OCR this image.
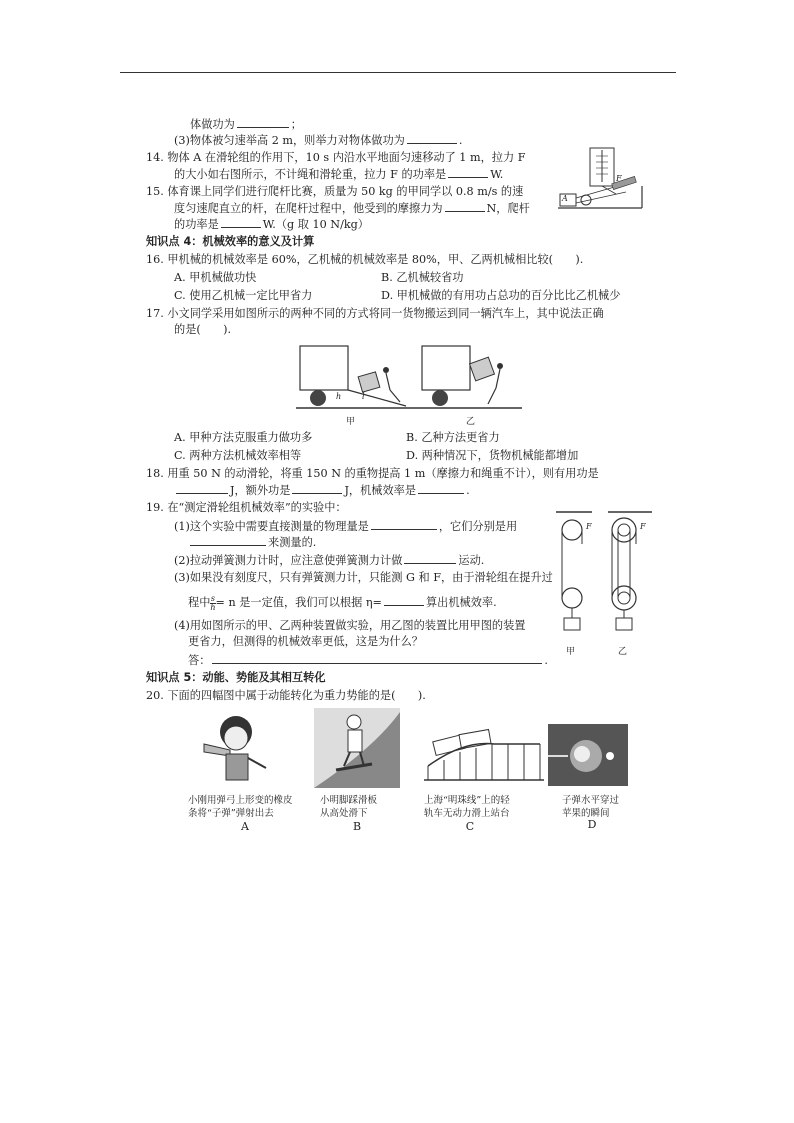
体做功为	；
(3)物体被匀速举高 2 m，则举力对物体做功为	.
14. 物体 A 在滑轮组的作用下，10 s 内沿水平地面匀速移动了 1 m，拉力 F
的大小如右图所示，不计绳和滑轮重，拉力 F 的功率是	W.
15. 体育课上同学们进行爬杆比赛，质量为 50 kg 的甲同学以 0.8 m/s 的速
度匀速爬直立的杆，在爬杆过程中，他受到的摩擦力为	N，爬杆
的功率是	W.（g 取 10 N/kg）
知识点 4：机械效率的意义及计算
16. 甲机械的机械效率是 60%，乙机械的机械效率是 80%，甲、乙两机械相比较(　　).
A. 甲机械做功快	B. 乙机械较省功
C. 使用乙机械一定比甲省力	D. 甲机械做的有用功占总功的百分比比乙机械少
17. 小文同学采用如图所示的两种不同的方式将同一货物搬运到同一辆汽车上，其中说法正确
的是(　　).
A. 甲种方法克服重力做功多	B. 乙种方法更省力
C. 两种方法机械效率相等	D. 两种情况下，货物机械能都增加
18. 用重 50 N 的动滑轮，将重 150 N 的重物提高 1 m（摩擦力和绳重不计），则有用功是
J，额外功是	J，机械效率是	.
19. 在“测定滑轮组机械效率”的实验中：
(1)这个实验中需要直接测量的物理量是	，它们分别是用
来测量的.
(2)拉动弹簧测力计时，应注意使弹簧测力计做	运动.
(3)如果没有刻度尺，只有弹簧测力计，只能测 G 和 F，由于滑轮组在提升过
程中 $\frac{s}{h} = n$ 是一定值，我们可以根据 η=	算出机械效率.
(4)用如图所示的甲、乙两种装置做实验，用乙图的装置比用甲图的装置
更省力，但测得的机械效率更低，这是为什么？
答：	.
知识点 5：动能、势能及其相互转化
20. 下面的四幅图中属于动能转化为重力势能的是(　　).
A
F
h	l
甲	乙
F	F
甲	乙
小刚用弹弓上形变的橡皮
条将“子弹”弹射出去
A
小明脚踩滑板
从高处滑下
B
上海“明珠线”上的轻
轨车无动力滑上站台
C
子弹水平穿过
苹果的瞬间
D
